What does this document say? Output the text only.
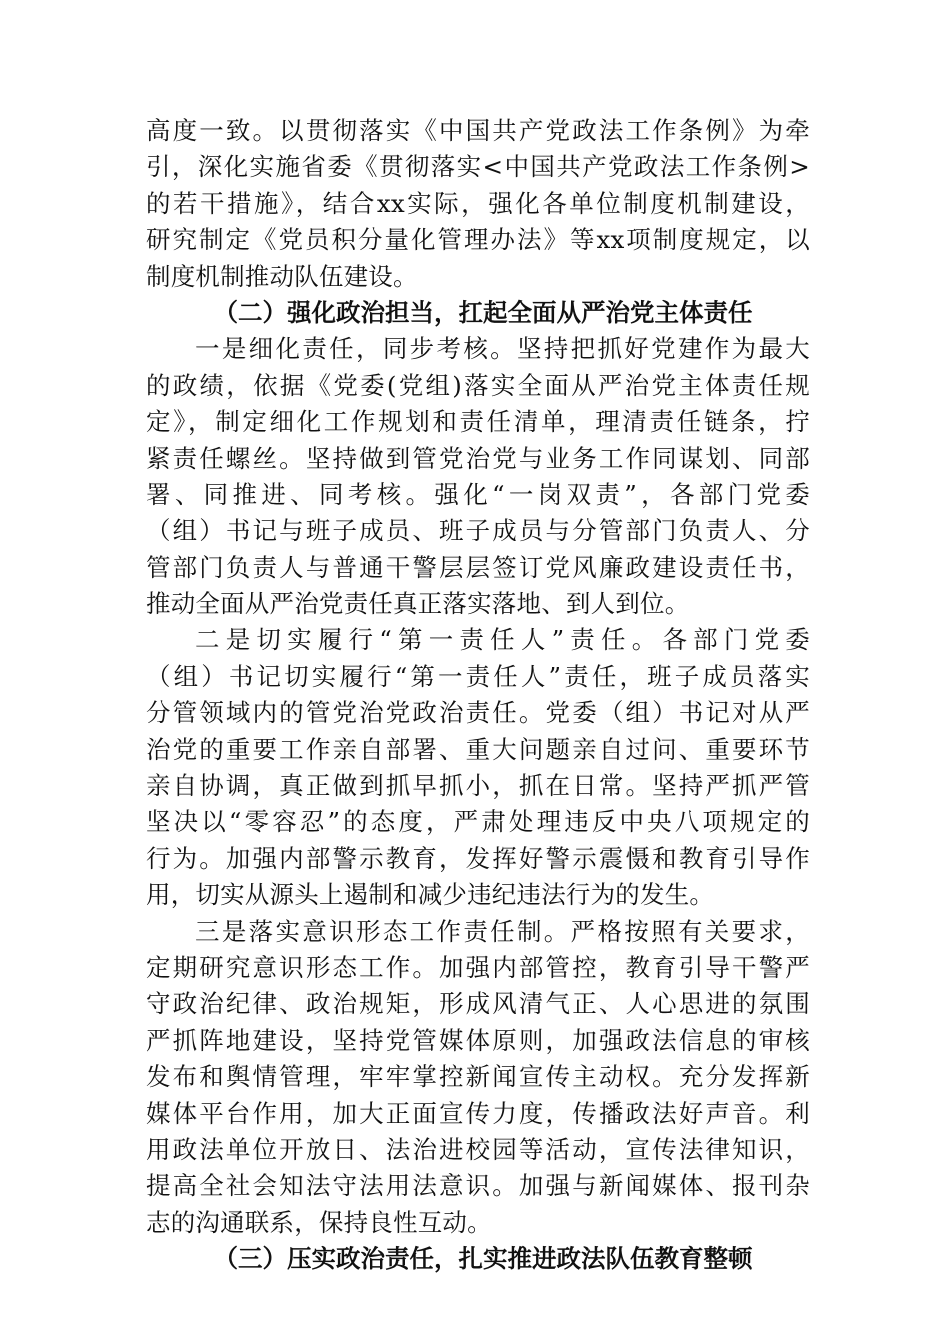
高度一致。以贯彻落实《中国共产党政法工作条例》为牵
引，深化实施省委《贯彻落实<中国共产党政法工作条例>
的若干措施》，结合xx实际，强化各单位制度机制建设，
研究制定《党员积分量化管理办法》等xx项制度规定，以
制度机制推动队伍建设。
（二）强化政治担当，扛起全面从严治党主体责任
一是细化责任，同步考核。坚持把抓好党建作为最大
的政绩，依据《党委(党组)落实全面从严治党主体责任规
定》，制定细化工作规划和责任清单，理清责任链条，拧
紧责任螺丝。坚持做到管党治党与业务工作同谋划、同部
署、同推进、同考核。强化“一岗双责”，各部门党委
（组）书记与班子成员、班子成员与分管部门负责人、分
管部门负责人与普通干警层层签订党风廉政建设责任书，
推动全面从严治党责任真正落实落地、到人到位。
二是切实履行“第一责任人”责任。各部门党委
（组）书记切实履行“第一责任人”责任，班子成员落实
分管领域内的管党治党政治责任。党委（组）书记对从严
治党的重要工作亲自部署、重大问题亲自过问、重要环节
亲自协调，真正做到抓早抓小，抓在日常。坚持严抓严管
坚决以“零容忍”的态度，严肃处理违反中央八项规定的
行为。加强内部警示教育，发挥好警示震慑和教育引导作
用，切实从源头上遏制和减少违纪违法行为的发生。
三是落实意识形态工作责任制。严格按照有关要求，
定期研究意识形态工作。加强内部管控，教育引导干警严
守政治纪律、政治规矩，形成风清气正、人心思进的氛围
严抓阵地建设，坚持党管媒体原则，加强政法信息的审核
发布和舆情管理，牢牢掌控新闻宣传主动权。充分发挥新
媒体平台作用，加大正面宣传力度，传播政法好声音。利
用政法单位开放日、法治进校园等活动，宣传法律知识，
提高全社会知法守法用法意识。加强与新闻媒体、报刊杂
志的沟通联系，保持良性互动。
（三）压实政治责任，扎实推进政法队伍教育整顿
